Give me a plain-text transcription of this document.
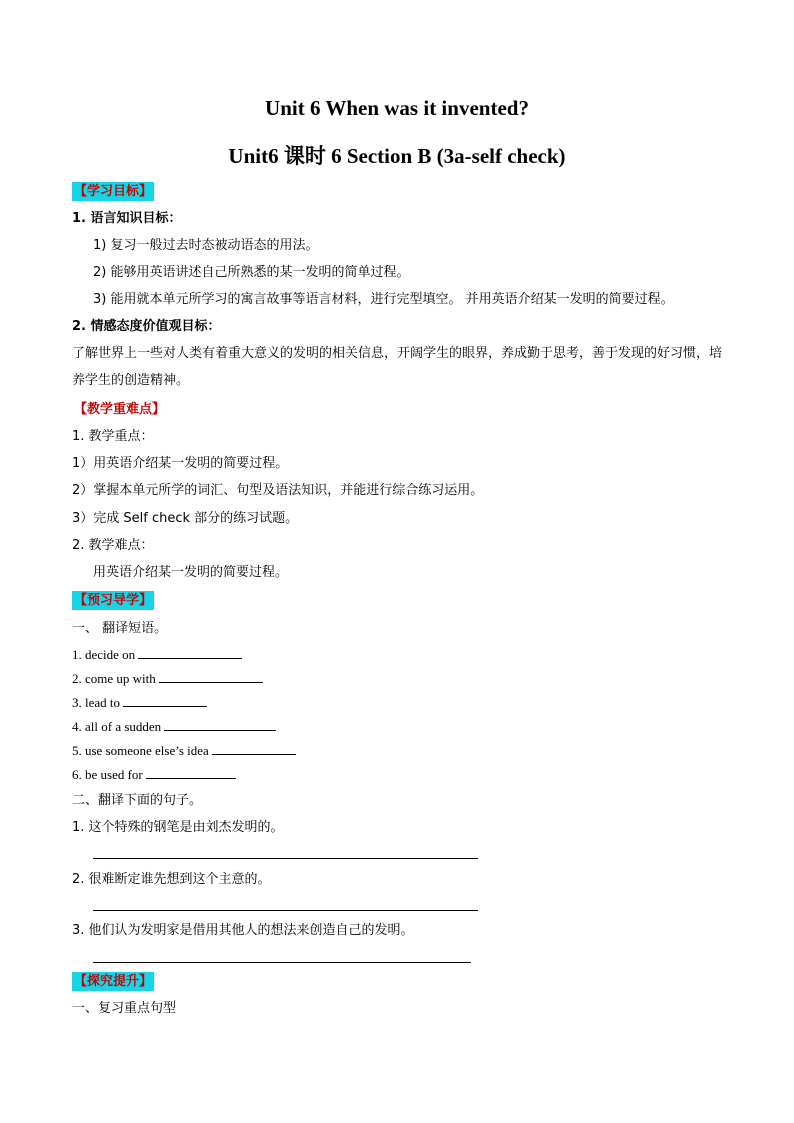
Unit 6 When was it invented?
Unit6 课时 6 Section B (3a-self check)
【学习目标】
1. 语言知识目标：
1) 复习一般过去时态被动语态的用法。
2) 能够用英语讲述自己所熟悉的某一发明的简单过程。
3) 能用就本单元所学习的寓言故事等语言材料，进行完型填空。 并用英语介绍某一发明的简要过程。
2. 情感态度价值观目标：
了解世界上一些对人类有着重大意义的发明的相关信息，开阔学生的眼界，养成勤于思考，善于发现的好习惯，培养学生的创造精神。
【教学重难点】
1. 教学重点：
1）用英语介绍某一发明的简要过程。
2）掌握本单元所学的词汇、句型及语法知识，并能进行综合练习运用。
3）完成 Self check 部分的练习试题。
2. 教学难点：
用英语介绍某一发明的简要过程。
【预习导学】
一、 翻译短语。
1. decide on
2. come up with
3. lead to
4. all of a sudden
5. use someone else’s idea
6. be used for
二、翻译下面的句子。
1. 这个特殊的钢笔是由刘杰发明的。
2. 很难断定谁先想到这个主意的。
3. 他们认为发明家是借用其他人的想法来创造自己的发明。
【探究提升】
一、复习重点句型
